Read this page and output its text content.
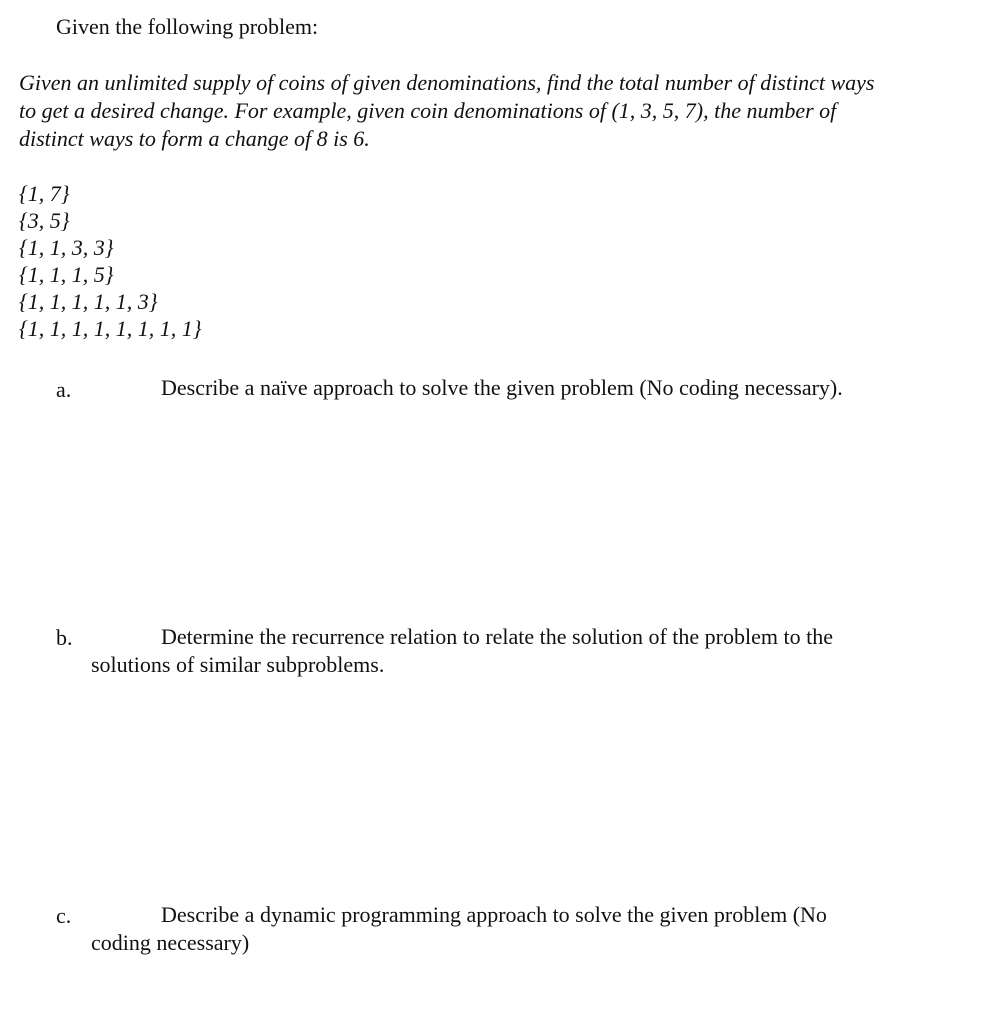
Given the following problem:

Given an unlimited supply of coins of given denominations, find the total number of distinct ways

to get a desired change. For example, given coin denominations of (1, 3, 5, 7), the number of

distinct ways to form a change of 8 is 6.

{1, 7}

{3, 5}

{1, 1, 3, 3}

{1, 1, 1, 5}

{1, 1, 1, 1, 1, 3}

{1, 1, 1, 1, 1, 1, 1, 1}

a.	Describe a naïve approach to solve the given problem (No coding necessary).

b.	Determine the recurrence relation to relate the solution of the problem to the

solutions of similar subproblems.

c.	Describe a dynamic programming approach to solve the given problem (No

coding necessary)
